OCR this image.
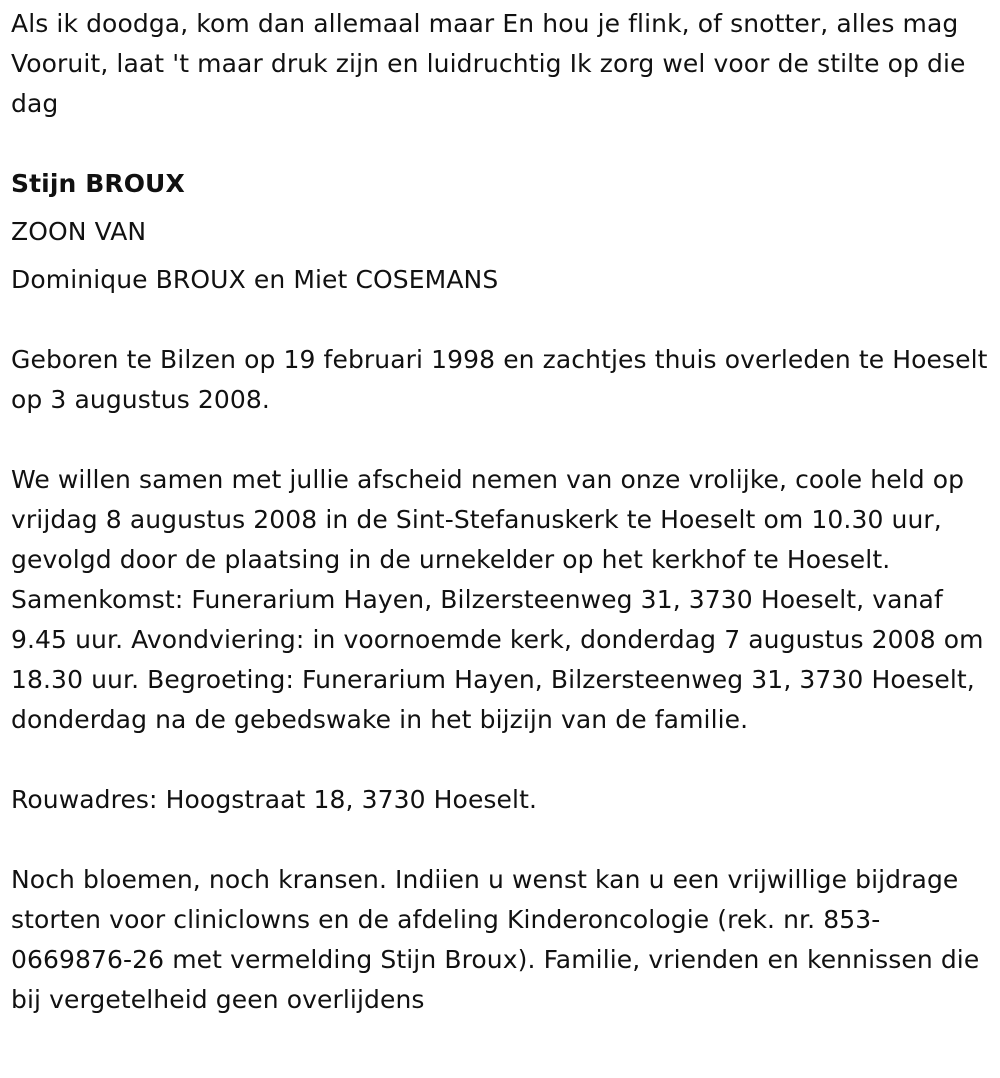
Als ik doodga, kom dan allemaal maar En hou je flink, of snotter, alles mag Vooruit, laat 't maar druk zijn en luidruchtig Ik zorg wel voor de stilte op die dag

Stijn BROUX

ZOON VAN

Dominique BROUX en Miet COSEMANS

Geboren te Bilzen op 19 februari 1998 en zachtjes thuis overleden te Hoeselt op 3 augustus 2008.

We willen samen met jullie afscheid nemen van onze vrolijke, coole held op vrijdag 8 augustus 2008 in de Sint-Stefanuskerk te Hoeselt om 10.30 uur, gevolgd door de plaatsing in de urnekelder op het kerkhof te Hoeselt. Samenkomst: Funerarium Hayen, Bilzersteenweg 31, 3730 Hoeselt, vanaf 9.45 uur. Avondviering: in voornoemde kerk, donderdag 7 augustus 2008 om 18.30 uur. Begroeting: Funerarium Hayen, Bilzersteenweg 31, 3730 Hoeselt, donderdag na de gebedswake in het bijzijn van de familie.

Rouwadres: Hoogstraat 18, 3730 Hoeselt.

Noch bloemen, noch kransen. Indiien u wenst kan u een vrijwillige bijdrage storten voor cliniclowns en de afdeling Kinderoncologie (rek. nr. 853-0669876-26 met vermelding Stijn Broux). Familie, vrienden en kennissen die bij vergetelheid geen overlijdens
